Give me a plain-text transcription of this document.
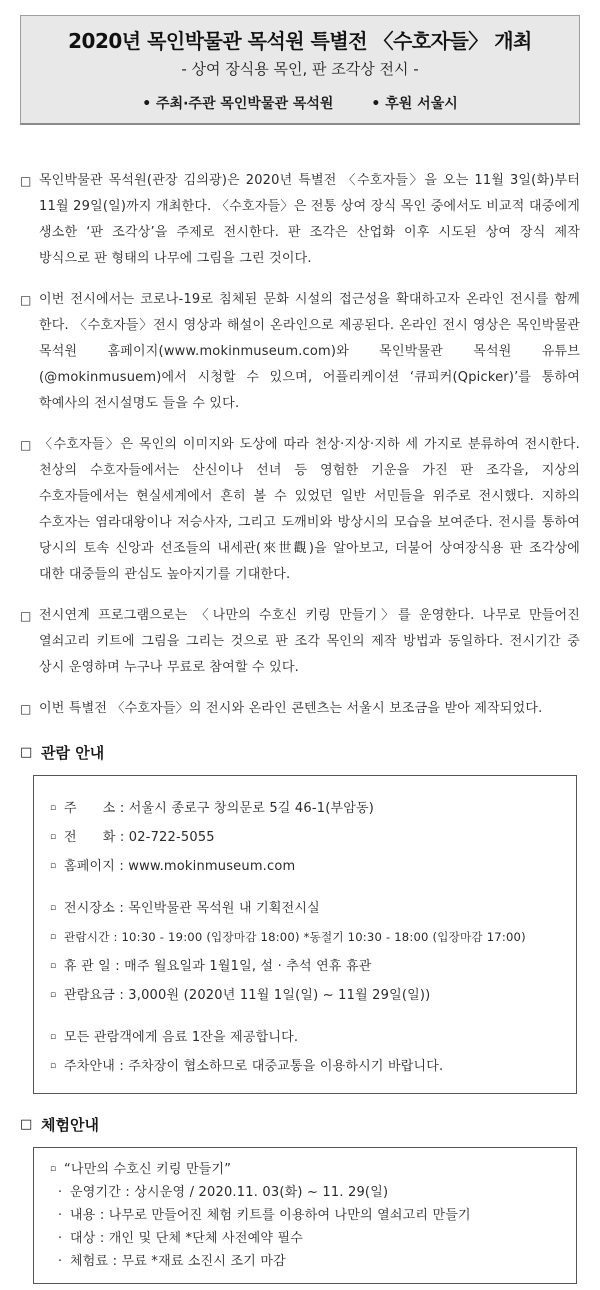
2020년 목인박물관 목석원 특별전 〈수호자들〉 개최
- 상여 장식용 목인, 판 조각상 전시 -
• 주최·주관 목인박물관 목석원	• 후원 서울시
□ 목인박물관 목석원(관장 김의광)은 2020년 특별전 〈수호자들〉을 오는 11월 3일(화)부터 11월 29일(일)까지 개최한다. 〈수호자들〉은 전통 상여 장식 목인 중에서도 비교적 대중에게 생소한 ‘판 조각상’을 주제로 전시한다. 판 조각은 산업화 이후 시도된 상여 장식 제작 방식으로 판 형태의 나무에 그림을 그린 것이다.
□ 이번 전시에서는 코로나-19로 침체된 문화 시설의 접근성을 확대하고자 온라인 전시를 함께 한다. 〈수호자들〉전시 영상과 해설이 온라인으로 제공된다. 온라인 전시 영상은 목인박물관 목석원 홈페이지(www.mokinmuseum.com)와 목인박물관 목석원 유튜브(@mokinmusuem)에서 시청할 수 있으며, 어플리케이션 ‘큐피커(Qpicker)’를 통하여 학예사의 전시설명도 들을 수 있다.
□ 〈수호자들〉은 목인의 이미지와 도상에 따라 천상·지상·지하 세 가지로 분류하여 전시한다. 천상의 수호자들에서는 산신이나 선녀 등 영험한 기운을 가진 판 조각을, 지상의 수호자들에서는 현실세계에서 흔히 볼 수 있었던 일반 서민들을 위주로 전시했다. 지하의 수호자는 염라대왕이나 저승사자, 그리고 도깨비와 방상시의 모습을 보여준다. 전시를 통하여 당시의 토속 신앙과 선조들의 내세관(來世觀)을 알아보고, 더불어 상여장식용 판 조각상에 대한 대중들의 관심도 높아지기를 기대한다.
□ 전시연계 프로그램으로는 〈나만의 수호신 키링 만들기〉를 운영한다. 나무로 만들어진 열쇠고리 키트에 그림을 그리는 것으로 판 조각 목인의 제작 방법과 동일하다. 전시기간 중 상시 운영하며 누구나 무료로 참여할 수 있다.
□ 이번 특별전 〈수호자들〉의 전시와 온라인 콘텐츠는 서울시 보조금을 받아 제작되었다.
□ 관람 안내
▫ 주      소 : 서울시 종로구 창의문로 5길 46-1(부암동)
▫ 전      화 : 02-722-5055
▫ 홈페이지 : www.mokinmuseum.com
▫ 전시장소 : 목인박물관 목석원 내 기획전시실
▫ 관람시간 : 10:30 - 19:00 (입장마감 18:00) *동절기 10:30 - 18:00 (입장마감 17:00)
▫ 휴 관 일 : 매주 월요일과 1월1일, 설 · 추석 연휴 휴관
▫ 관람요금 : 3,000원 (2020년 11월 1일(일) ~ 11월 29일(일))
▫ 모든 관람객에게 음료 1잔을 제공합니다.
▫ 주차안내 : 주차장이 협소하므로 대중교통을 이용하시기 바랍니다.
□ 체험안내
▫ “나만의 수호신 키링 만들기”
· 운영기간 : 상시운영 / 2020.11. 03(화) ~ 11. 29(일)
· 내용 : 나무로 만들어진 체험 키트를 이용하여 나만의 열쇠고리 만들기
· 대상 : 개인 및 단체 *단체 사전예약 필수
· 체험료 : 무료 *재료 소진시 조기 마감
